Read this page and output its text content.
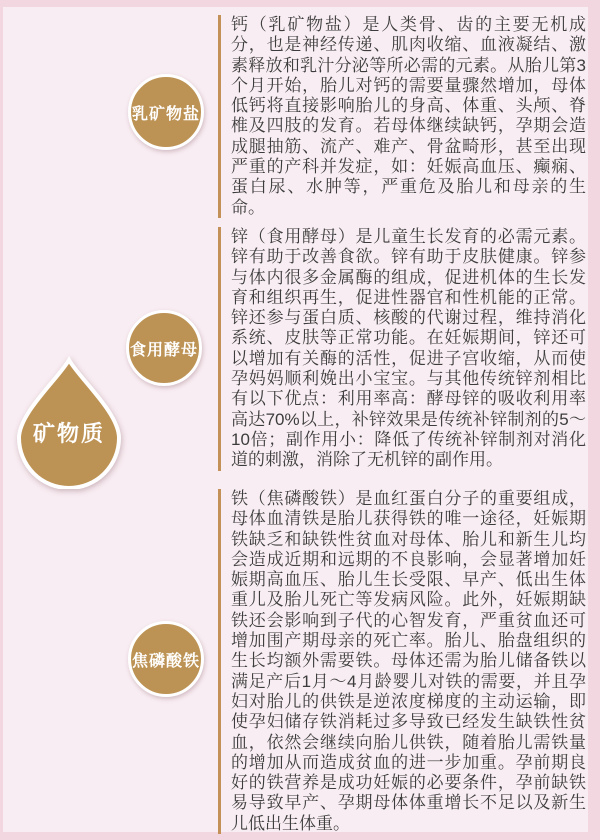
矿物质
乳矿物盐
钙（乳矿物盐）是人类骨、齿的主要无机成分，也是神经传递、肌肉收缩、血液凝结、激素释放和乳汁分泌等所必需的元素。从胎儿第3个月开始，胎儿对钙的需要量骤然增加，母体低钙将直接影响胎儿的身高、体重、头颅、脊椎及四肢的发育。若母体继续缺钙，孕期会造成腿抽筋、流产、难产、骨盆畸形，甚至出现严重的产科并发症，如：妊娠高血压、癫痫、蛋白尿、水肿等，严重危及胎儿和母亲的生命。
食用酵母
锌（食用酵母）是儿童生长发育的必需元素。锌有助于改善食欲。锌有助于皮肤健康。锌参与体内很多金属酶的组成，促进机体的生长发育和组织再生，促进性器官和性机能的正常。锌还参与蛋白质、核酸的代谢过程，维持消化系统、皮肤等正常功能。在妊娠期间，锌还可以增加有关酶的活性，促进子宫收缩，从而使孕妈妈顺利娩出小宝宝。与其他传统锌剂相比有以下优点：利用率高：酵母锌的吸收利用率高达70%以上，补锌效果是传统补锌制剂的5～10倍；副作用小：降低了传统补锌制剂对消化道的刺激，消除了无机锌的副作用。
焦磷酸铁
铁（焦磷酸铁）是血红蛋白分子的重要组成，母体血清铁是胎儿获得铁的唯一途径，妊娠期铁缺乏和缺铁性贫血对母体、胎儿和新生儿均会造成近期和远期的不良影响，会显著增加妊娠期高血压、胎儿生长受限、早产、低出生体重儿及胎儿死亡等发病风险。此外，妊娠期缺铁还会影响到子代的心智发育，严重贫血还可增加围产期母亲的死亡率。胎儿、胎盘组织的生长均额外需要铁。母体还需为胎儿储备铁以满足产后1月～4月龄婴儿对铁的需要，并且孕妇对胎儿的供铁是逆浓度梯度的主动运输，即使孕妇储存铁消耗过多导致已经发生缺铁性贫血，依然会继续向胎儿供铁，随着胎儿需铁量的增加从而造成贫血的进一步加重。孕前期良好的铁营养是成功妊娠的必要条件，孕前缺铁易导致早产、孕期母体体重增长不足以及新生儿低出生体重。
